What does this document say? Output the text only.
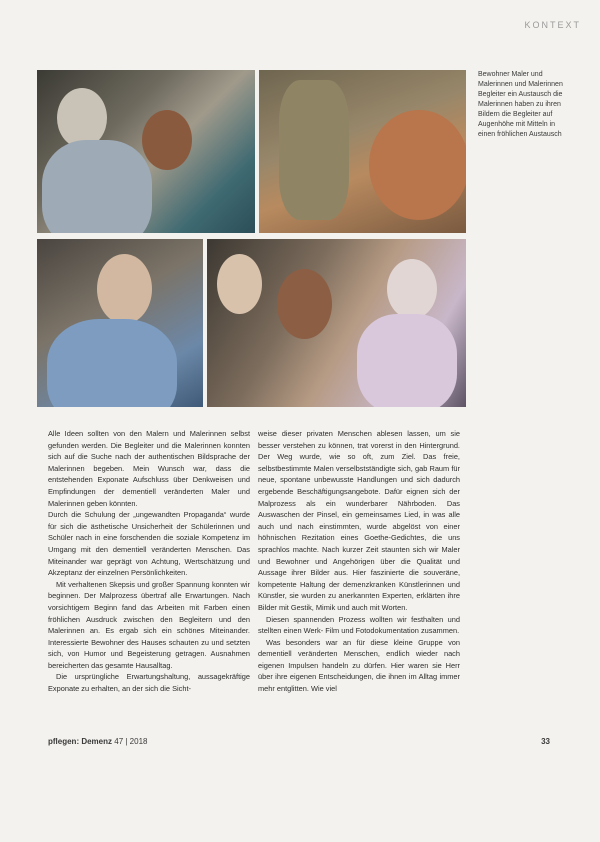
KONTEXT
Bewohner Maler und Malerinnen und Malerinnen Begleiter ein Austausch die Malerinnen haben zu ihren Bildern die Begleiter auf Augenhöhe mit Mitteln in einen fröhlichen Austausch

Alle Ideen sollten von den Malern und Malerinnen selbst gefunden werden. Die Begleiter und die Malerinnen konnten sich auf die Suche nach der authentischen Bildsprache der Malerinnen begeben. Mein Wunsch war, dass die entstehenden Exponate Aufschluss über Denkweisen und Empfindungen der dementiell veränderten Maler und Malerinnen geben könnten.

Durch die Schulung der „ungewandten Propaganda“ wurde für sich die ästhetische Unsicherheit der Schülerinnen und Schüler nach in eine forschenden die soziale Kompetenz im Umgang mit den dementiell veränderten Menschen. Das Miteinander war geprägt von Achtung, Wertschätzung und Akzeptanz der einzelnen Persönlichkeiten.

Mit verhaltenen Skepsis und großer Spannung konnten wir beginnen. Der Malprozess übertraf alle Erwartungen. Nach vorsichtigem Beginn fand das Arbeiten mit Farben einen fröhlichen Ausdruck zwischen den Begleitern und den Malerinnen an. Es ergab sich ein schönes Miteinander. Interessierte Bewohner des Hauses schauten zu und setzten sich, von Humor und Begeisterung getragen. Ausnahmen bereicherten das gesamte Hausalltag.

Die ursprüngliche Erwartungshaltung, aussagekräftige Exponate zu erhalten, an der sich die Sicht-

weise dieser privaten Menschen ablesen lassen, um sie besser verstehen zu können, trat vorerst in den Hintergrund. Der Weg wurde, wie so oft, zum Ziel. Das freie, selbstbestimmte Malen verselbstständigte sich, gab Raum für neue, spontane unbewusste Handlungen und sich dadurch ergebende Beschäftigungsangebote. Dafür eignen sich der Malprozess als ein wunderbarer Nährboden. Das Auswaschen der Pinsel, ein gemeinsames Lied, in was alle auch und nach einstimmten, wurde abgelöst von einer höhnischen Rezitation eines Goethe-Gedichtes, die uns sprachlos machte. Nach kurzer Zeit staunten sich wir Maler und Bewohner und Angehörigen über die Qualität und Aussage ihrer Bilder aus. Hier faszinierte die souveräne, kompetente Haltung der demenzkranken Künstlerinnen und Künstler, sie wurden zu anerkannten Experten, erklärten ihre Bilder mit Gestik, Mimik und auch mit Worten.

Diesen spannenden Prozess wollten wir festhalten und stellten einen Werk- Film und Fotodokumentation zusammen.

Was besonders war an für diese kleine Gruppe von dementiell veränderten Menschen, endlich wieder nach eigenen Impulsen handeln zu dürfen. Hier waren sie Herr über ihre eigenen Entscheidungen, die ihnen im Alltag immer mehr entglitten. Wie viel

pflegen: Demenz 47 | 2018	33
